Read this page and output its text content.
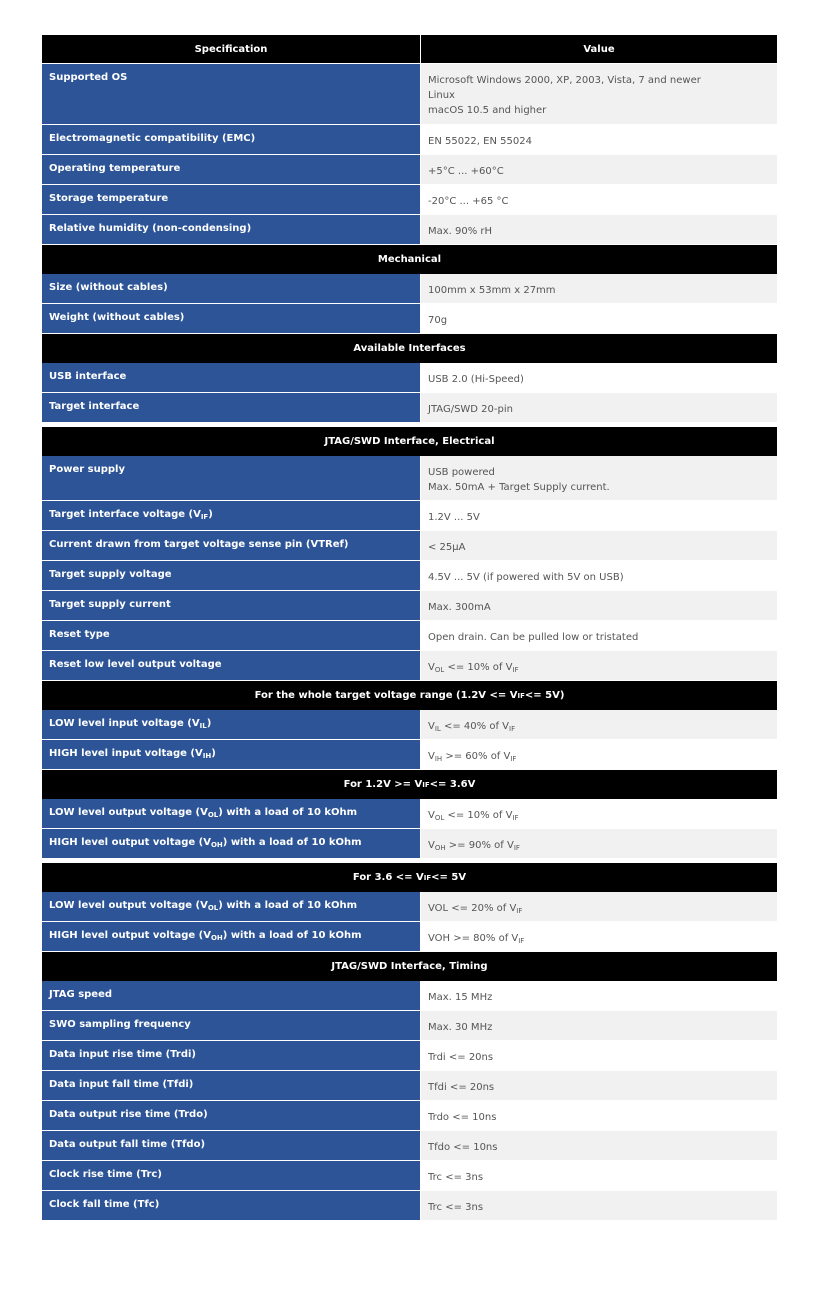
Specification	Value
Supported OS	Microsoft Windows 2000, XP, 2003, Vista, 7 and newer
Linux
macOS 10.5 and higher
Electromagnetic compatibility (EMC)	EN 55022, EN 55024
Operating temperature	+5°C ... +60°C
Storage temperature	-20°C ... +65 °C
Relative humidity (non-condensing)	Max. 90% rH
Mechanical
Size (without cables)	100mm x 53mm x 27mm
Weight (without cables)	70g
Available Interfaces
USB interface	USB 2.0 (Hi-Speed)
Target interface	JTAG/SWD 20-pin
JTAG/SWD Interface, Electrical
Power supply	USB powered
Max. 50mA + Target Supply current.
Target interface voltage $(V_{IF})$	1.2V ... 5V
Current drawn from target voltage sense pin (VTRef)	< 25µA
Target supply voltage	4.5V ... 5V (if powered with 5V on USB)
Target supply current	Max. 300mA
Reset type	Open drain. Can be pulled low or tristated
Reset low level output voltage	$V_{OL} <= 10\%$ of $V_{IF}$
For the whole target voltage range (1.2V <= V IF <= 5V)
LOW level input voltage $(V_{IL})$	$V_{IL} <= 40\%$ of $V_{IF}$
HIGH level input voltage $(V_{IH})$	$V_{IH} >= 60\%$ of $V_{IF}$
For 1.2V >= V IF <= 3.6V
LOW level output voltage $(V_{OL})$ with a load of 10 kOhm	$V_{OL} <= 10\%$ of $V_{IF}$
HIGH level output voltage $(V_{OH})$ with a load of 10 kOhm	$V_{OH} >= 90\%$ of $V_{IF}$
For 3.6 <= V IF <= 5V
LOW level output voltage $(V_{OL})$ with a load of 10 kOhm	VOL <= 20% of $V_{IF}$
HIGH level output voltage $(V_{OH})$ with a load of 10 kOhm	VOH >= 80% of $V_{IF}$
JTAG/SWD Interface, Timing
JTAG speed	Max. 15 MHz
SWO sampling frequency	Max. 30 MHz
Data input rise time (Trdi)	Trdi <= 20ns
Data input fall time (Tfdi)	Tfdi <= 20ns
Data output rise time (Trdo)	Trdo <= 10ns
Data output fall time (Tfdo)	Tfdo <= 10ns
Clock rise time (Trc)	Trc <= 3ns
Clock fall time (Tfc)	Trc <= 3ns
